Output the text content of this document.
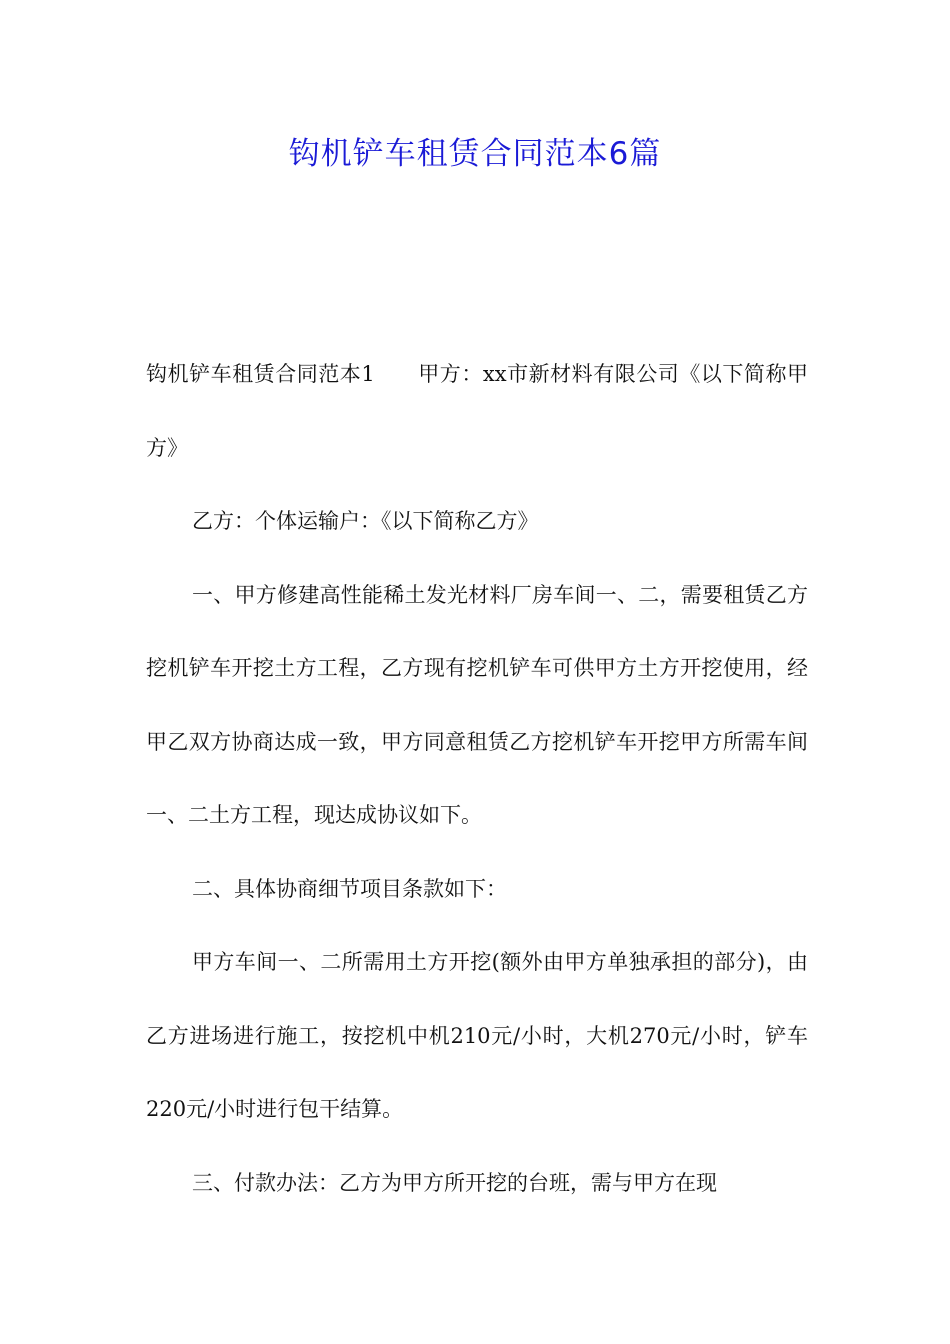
钩机铲车租赁合同范本6篇

钩机铲车租赁合同范本1　　甲方：xx市新材料有限公司《以下简称甲方》

乙方：个体运输户：《以下简称乙方》

一、甲方修建高性能稀土发光材料厂房车间一、二，需要租赁乙方挖机铲车开挖土方工程，乙方现有挖机铲车可供甲方土方开挖使用，经甲乙双方协商达成一致，甲方同意租赁乙方挖机铲车开挖甲方所需车间一、二土方工程，现达成协议如下。

二、具体协商细节项目条款如下：

甲方车间一、二所需用土方开挖(额外由甲方单独承担的部分)，由乙方进场进行施工，按挖机中机210元/小时，大机270元/小时，铲车220元/小时进行包干结算。

三、付款办法：乙方为甲方所开挖的台班，需与甲方在现
